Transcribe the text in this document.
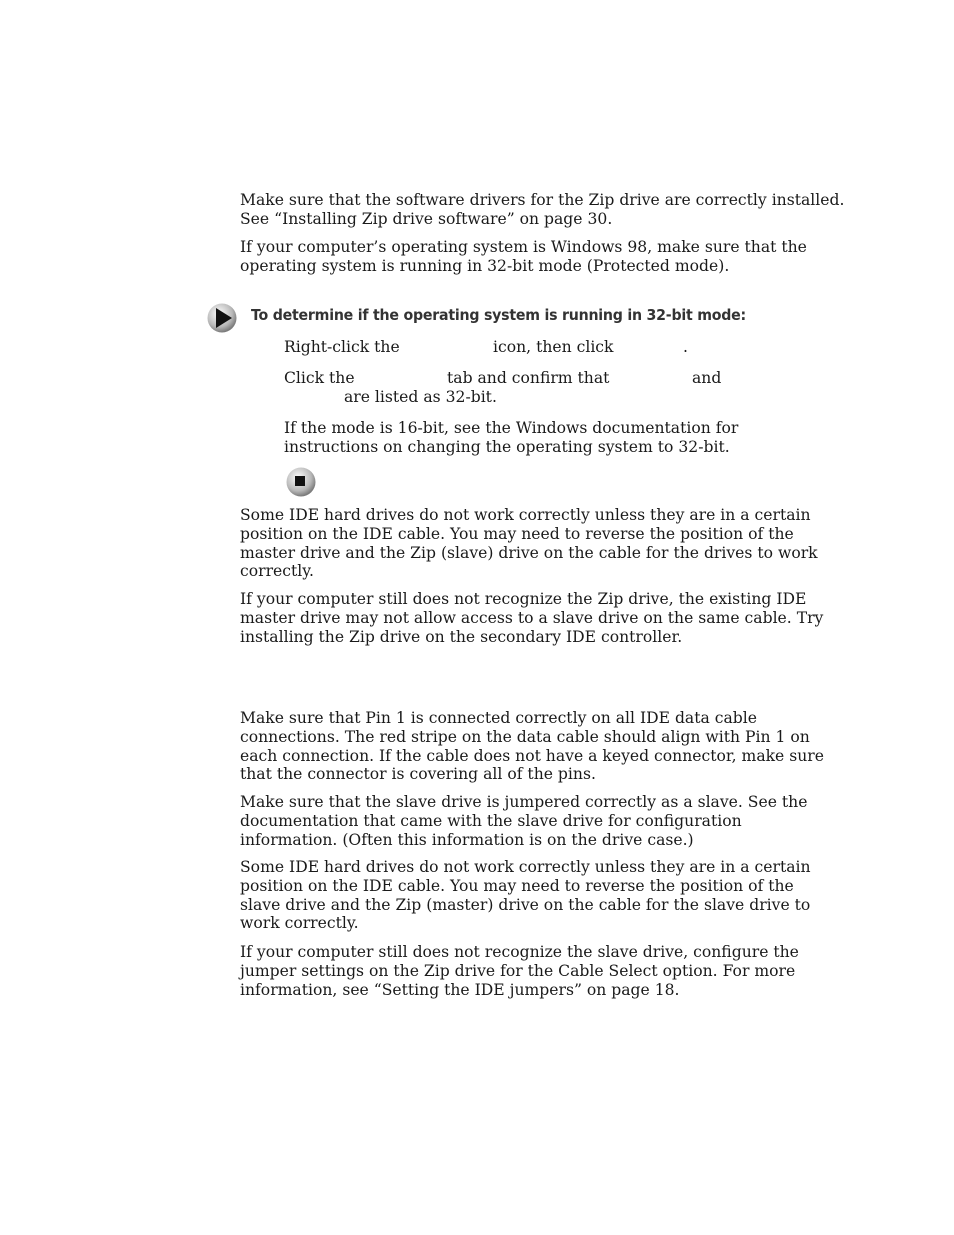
Make sure that the software drivers for the Zip drive are correctly installed.
See “Installing Zip drive software” on page 30.

If your computer’s operating system is Windows 98, make sure that the
operating system is running in 32-bit mode (Protected mode).

To determine if the operating system is running in 32-bit mode:
Right-click the	icon, then click	.
Click the	tab and confirm that	and
are listed as 32-bit.
If the mode is 16-bit, see the Windows documentation for
instructions on changing the operating system to 32-bit.

Some IDE hard drives do not work correctly unless they are in a certain
position on the IDE cable. You may need to reverse the position of the
master drive and the Zip (slave) drive on the cable for the drives to work
correctly.

If your computer still does not recognize the Zip drive, the existing IDE
master drive may not allow access to a slave drive on the same cable. Try
installing the Zip drive on the secondary IDE controller.

Make sure that Pin 1 is connected correctly on all IDE data cable
connections. The red stripe on the data cable should align with Pin 1 on
each connection. If the cable does not have a keyed connector, make sure
that the connector is covering all of the pins.

Make sure that the slave drive is jumpered correctly as a slave. See the
documentation that came with the slave drive for configuration
information. (Often this information is on the drive case.)

Some IDE hard drives do not work correctly unless they are in a certain
position on the IDE cable. You may need to reverse the position of the
slave drive and the Zip (master) drive on the cable for the slave drive to
work correctly.

If your computer still does not recognize the slave drive, configure the
jumper settings on the Zip drive for the Cable Select option. For more
information, see “Setting the IDE jumpers” on page 18.
